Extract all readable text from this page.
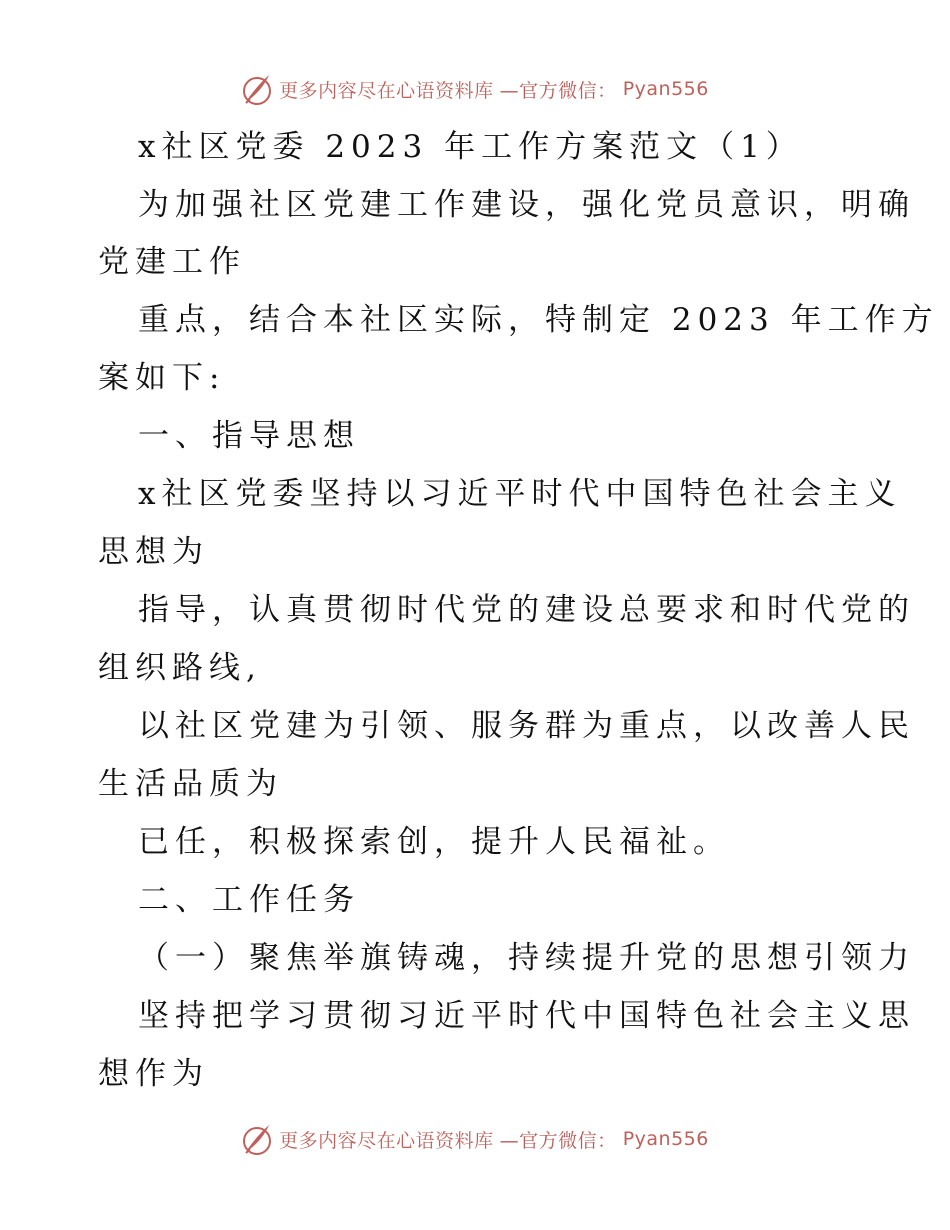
更多内容尽在心语资料库 —官方微信： Pyan556
x社区党委 2023 年工作方案范文（1）
为加强社区党建工作建设，强化党员意识，明确
党建工作
重点，结合本社区实际，特制定 2023 年工作方
案如下:
一、指导思想
x社区党委坚持以习近平时代中国特色社会主义
思想为
指导，认真贯彻时代党的建设总要求和时代党的
组织路线,
以社区党建为引领、服务群为重点，以改善人民
生活品质为
已任，积极探索创，提升人民福祉。
二、工作任务
（一）聚焦举旗铸魂，持续提升党的思想引领力
坚持把学习贯彻习近平时代中国特色社会主义思
想作为
更多内容尽在心语资料库 —官方微信： Pyan556
